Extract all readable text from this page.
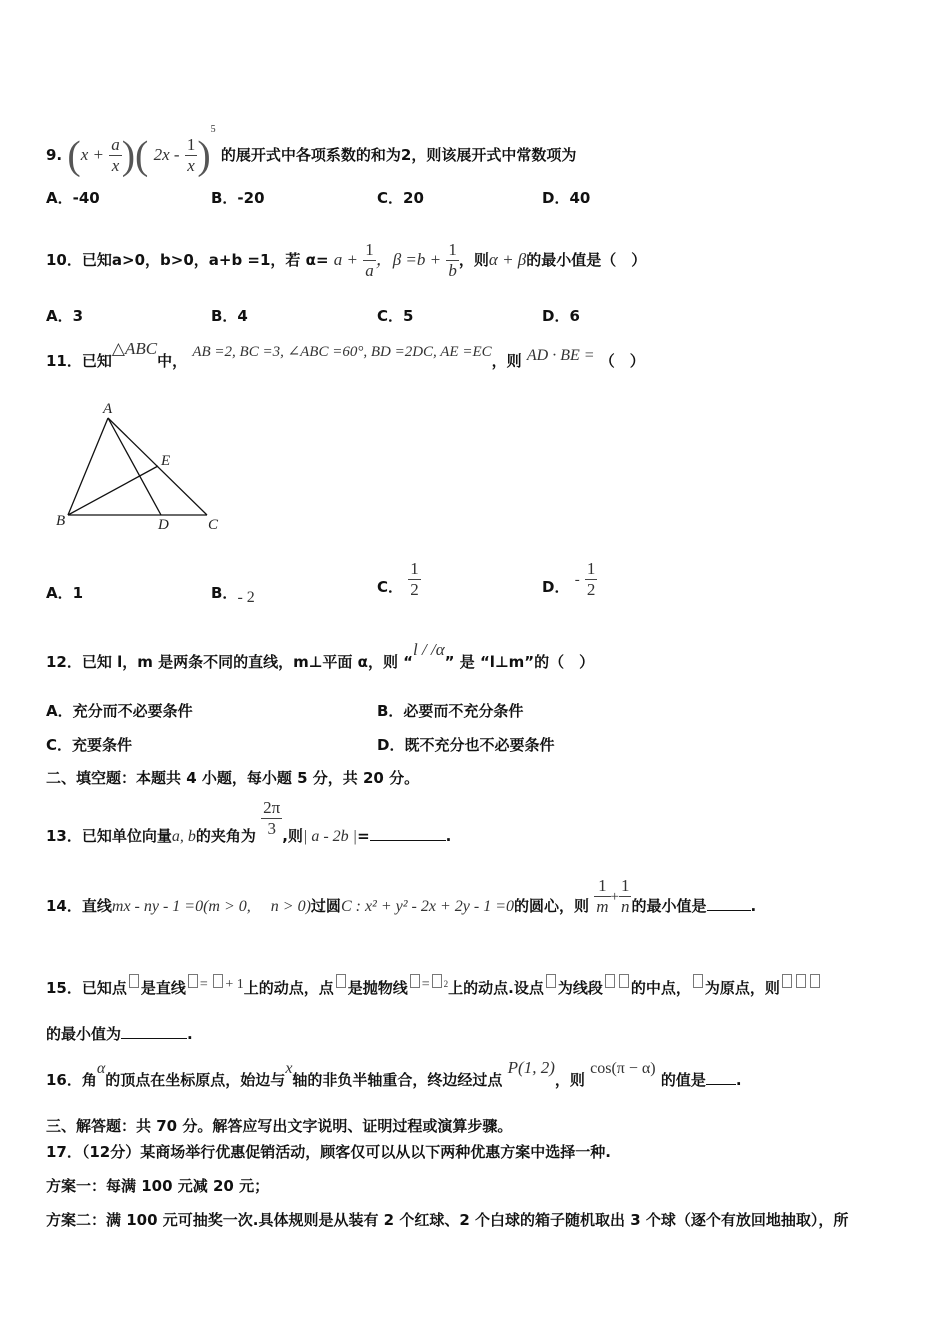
9. ($x + \frac{a}{x}$ )( $2x - \frac{1}{x} )^5$ 的展开式中各项系数的和为2，则该展开式中常数项为
A．-40	B．-20	C．20	D．40
10．已知a>0，b>0，a+b =1，若 $\alpha= a + \frac{1}{a}$ ，$\beta =b + \frac{1}{b}$ ，则α + β的最小值是（　）
A．3	B．4	C．5	D．6
11．已知△ABC中， AB =2, BC =3, ∠ABC =60°, BD =2DC, AE =EC，则 AD · BE = （　）
A
E
B	D	C
A．1	B．- 2
C． $\frac{1}{2}$	D． - $\frac{1}{2}$
12．已知 l，m 是两条不同的直线，m⊥平面 α，则 “l / /α” 是 “l⊥m”的（　）
A．充分而不必要条件	B．必要而不充分条件
C．充要条件	D．既不充分也不必要条件
二、填空题：本题共 4 小题，每小题 5 分，共 20 分。
13．已知单位向量a, b的夹角为 $\frac{2\pi}{3}$ ,则| a - 2b |=	.
14．直线mx - ny - 1 =0(m > 0,　 n > 0)过圆C : x² + y² - 2x + 2y - 1 =0的圆心，则 $\frac{1}{m} + \frac{1}{n}$ 的最小值是	.
15．已知点 是直线 = + 1上的动点，点 是抛物线 = $^2$上的动点.设点 为线段 的中点， 为原点，则
的最小值为	.
16．角α的顶点在坐标原点，始边与x轴的非负半轴重合，终边经过点 P(1, 2)，则 cos(π − α) 的值是 .
三、解答题：共 70 分。解答应写出文字说明、证明过程或演算步骤。
17．（12分）某商场举行优惠促销活动，顾客仅可以从以下两种优惠方案中选择一种.
方案一：每满 100 元减 20 元；
方案二：满 100 元可抽奖一次.具体规则是从装有 2 个红球、2 个白球的箱子随机取出 3 个球（逐个有放回地抽取），所
